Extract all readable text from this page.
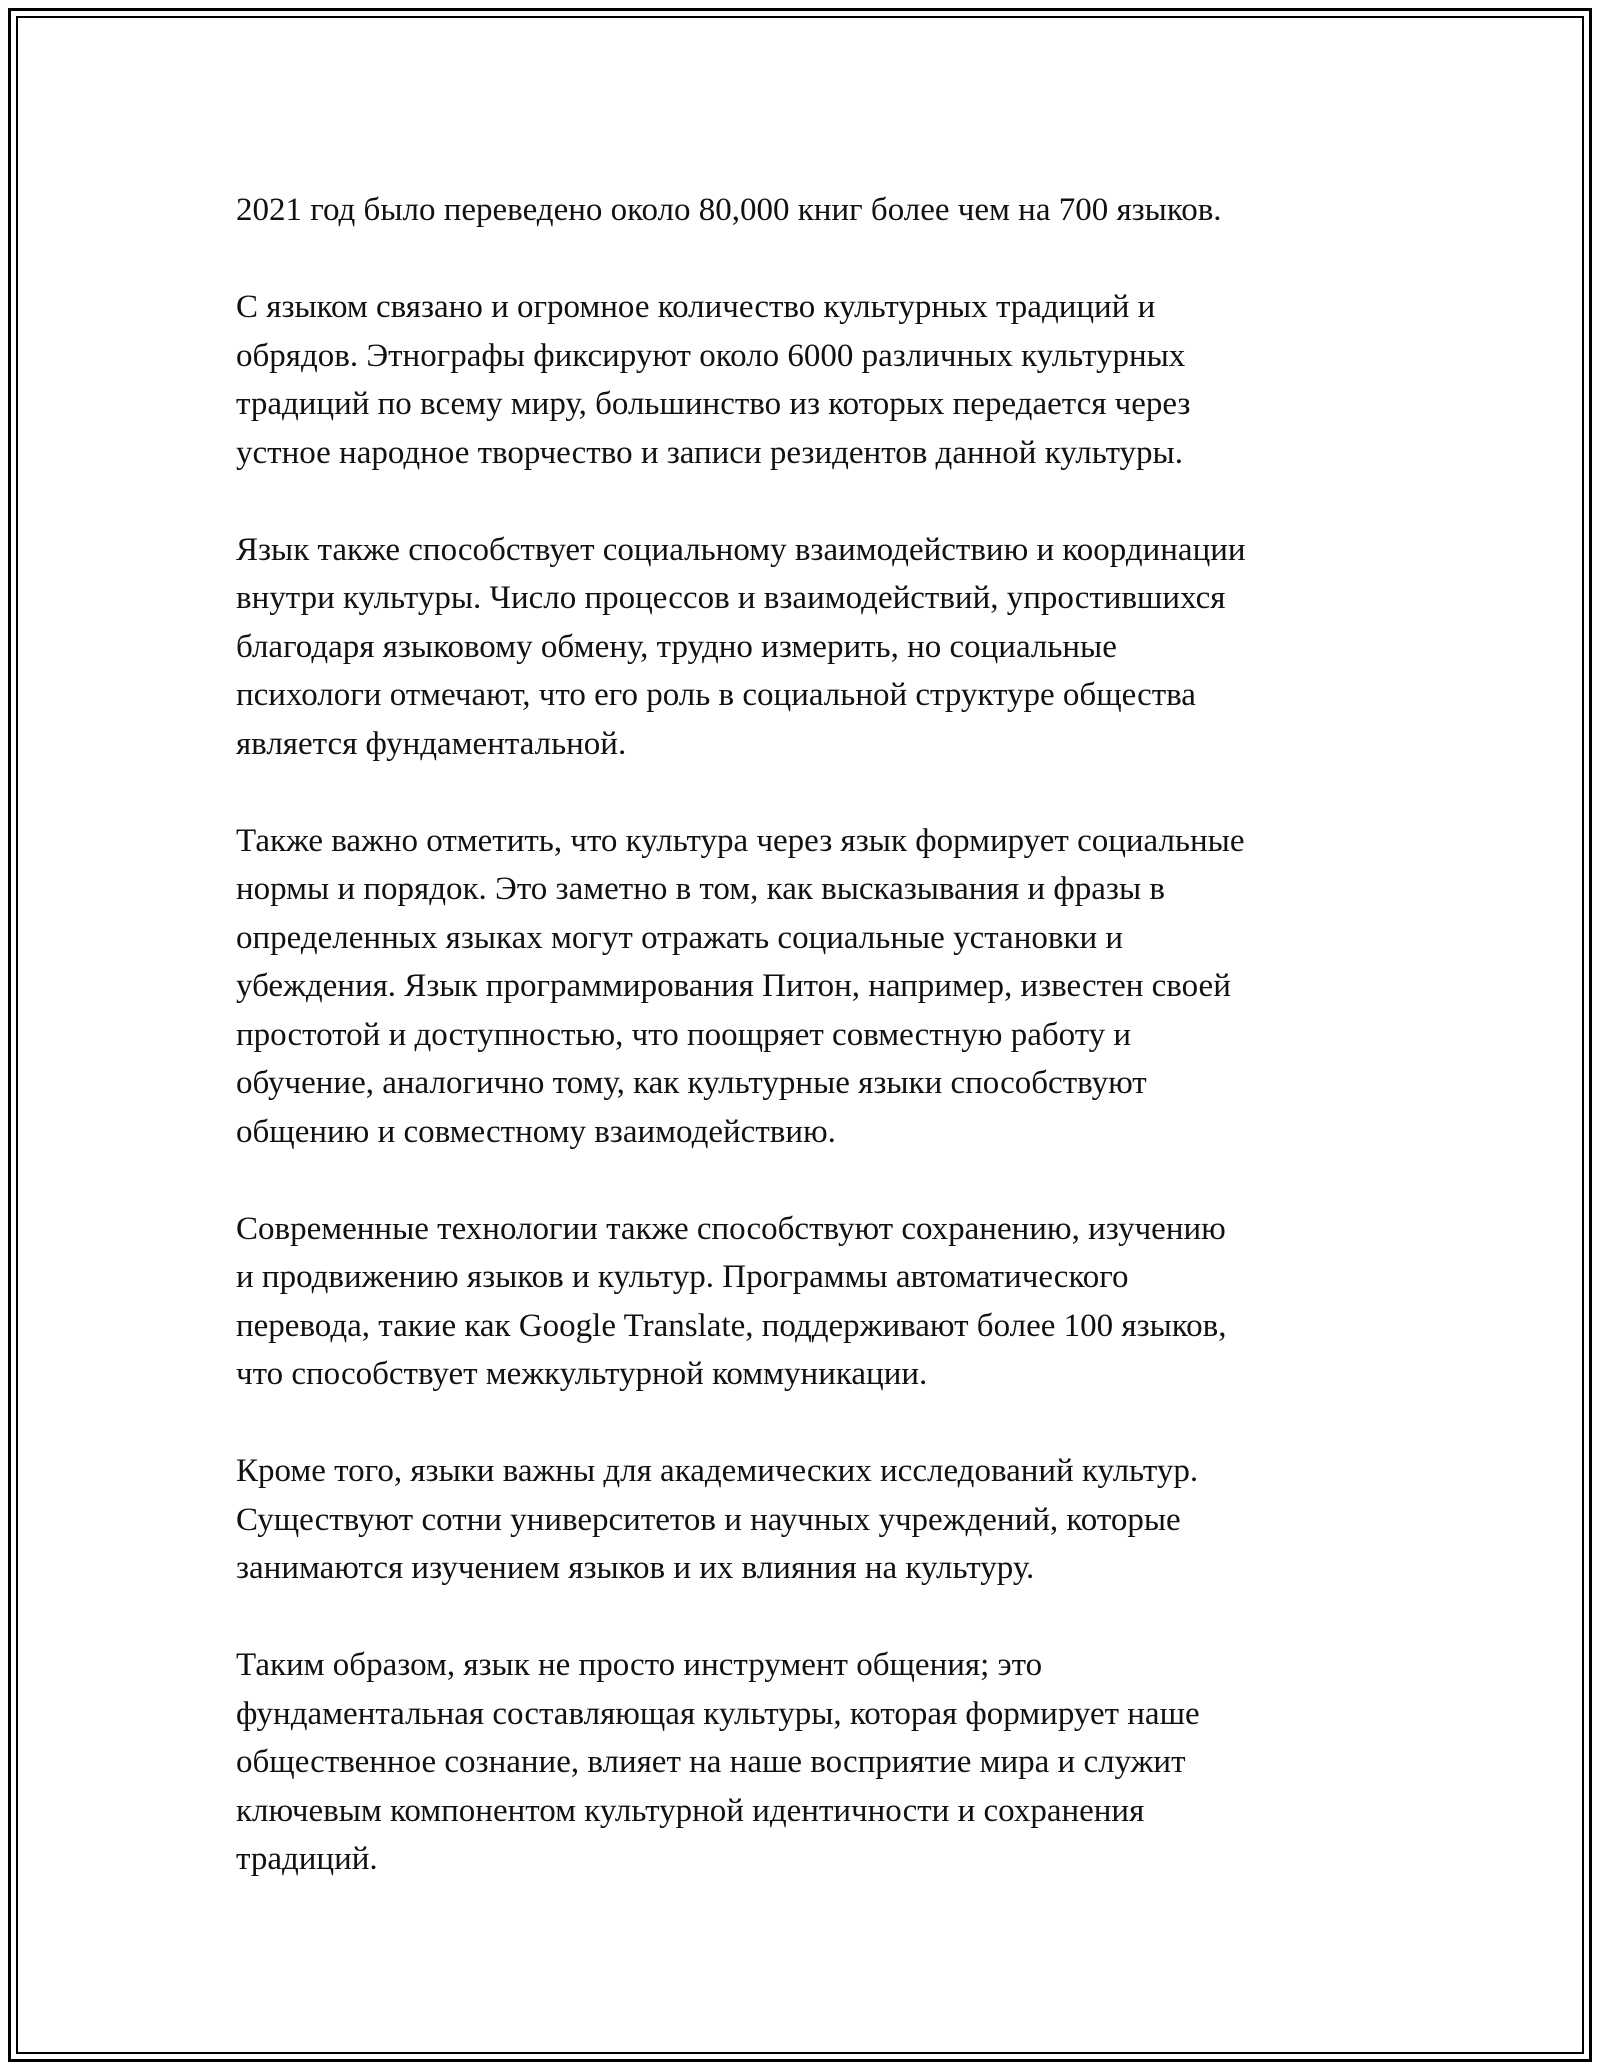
2021 год было переведено около 80,000 книг более чем на 700 языков.

С языком связано и огромное количество культурных традиций и
обрядов. Этнографы фиксируют около 6000 различных культурных
традиций по всему миру, большинство из которых передается через
устное народное творчество и записи резидентов данной культуры.

Язык также способствует социальному взаимодействию и координации
внутри культуры. Число процессов и взаимодействий, упростившихся
благодаря языковому обмену, трудно измерить, но социальные
психологи отмечают, что его роль в социальной структуре общества
является фундаментальной.

Также важно отметить, что культура через язык формирует социальные
нормы и порядок. Это заметно в том, как высказывания и фразы в
определенных языках могут отражать социальные установки и
убеждения. Язык программирования Питон, например, известен своей
простотой и доступностью, что поощряет совместную работу и
обучение, аналогично тому, как культурные языки способствуют
общению и совместному взаимодействию.

Современные технологии также способствуют сохранению, изучению
и продвижению языков и культур. Программы автоматического
перевода, такие как Google Translate, поддерживают более 100 языков,
что способствует межкультурной коммуникации.

Кроме того, языки важны для академических исследований культур.
Существуют сотни университетов и научных учреждений, которые
занимаются изучением языков и их влияния на культуру.

Таким образом, язык не просто инструмент общения; это
фундаментальная составляющая культуры, которая формирует наше
общественное сознание, влияет на наше восприятие мира и служит
ключевым компонентом культурной идентичности и сохранения
традиций.
